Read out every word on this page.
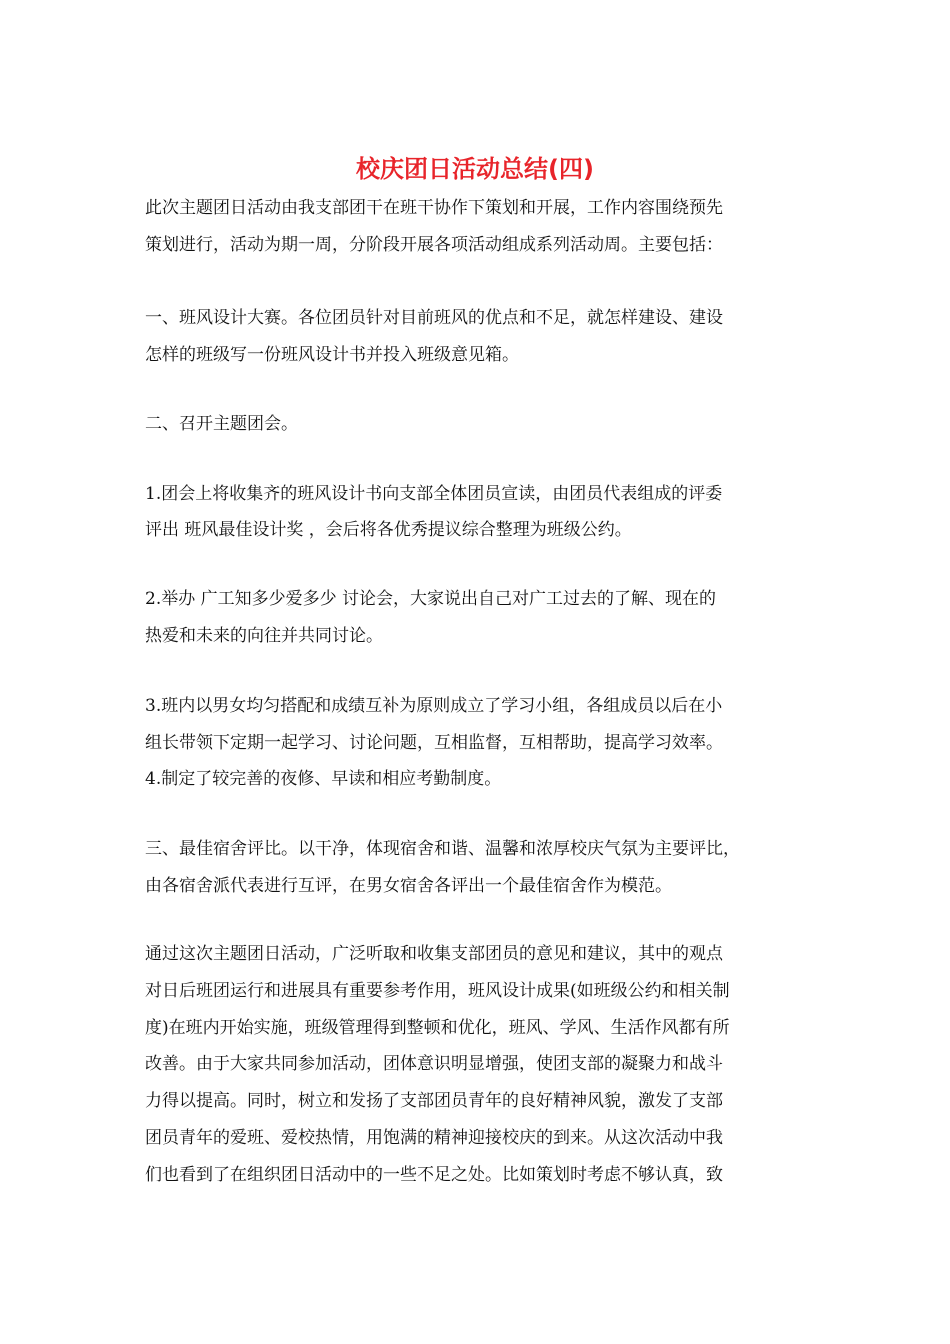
校庆团日活动总结(四)

此次主题团日活动由我支部团干在班干协作下策划和开展，工作内容围绕预先

策划进行，活动为期一周，分阶段开展各项活动组成系列活动周。主要包括：

一、班风设计大赛。各位团员针对目前班风的优点和不足，就怎样建设、建设

怎样的班级写一份班风设计书并投入班级意见箱。

二、召开主题团会。

1.团会上将收集齐的班风设计书向支部全体团员宣读，由团员代表组成的评委

评出 班风最佳设计奖 ，会后将各优秀提议综合整理为班级公约。

2.举办 广工知多少爱多少 讨论会，大家说出自己对广工过去的了解、现在的

热爱和未来的向往并共同讨论。

3.班内以男女均匀搭配和成绩互补为原则成立了学习小组，各组成员以后在小

组长带领下定期一起学习、讨论问题，互相监督，互相帮助，提高学习效率。

4.制定了较完善的夜修、早读和相应考勤制度。

三、最佳宿舍评比。以干净，体现宿舍和谐、温馨和浓厚校庆气氛为主要评比，

由各宿舍派代表进行互评，在男女宿舍各评出一个最佳宿舍作为模范。

通过这次主题团日活动，广泛听取和收集支部团员的意见和建议，其中的观点

对日后班团运行和进展具有重要参考作用，班风设计成果(如班级公约和相关制

度)在班内开始实施，班级管理得到整顿和优化，班风、学风、生活作风都有所

改善。由于大家共同参加活动，团体意识明显增强，使团支部的凝聚力和战斗

力得以提高。同时，树立和发扬了支部团员青年的良好精神风貌，激发了支部

团员青年的爱班、爱校热情，用饱满的精神迎接校庆的到来。从这次活动中我

们也看到了在组织团日活动中的一些不足之处。比如策划时考虑不够认真，致
